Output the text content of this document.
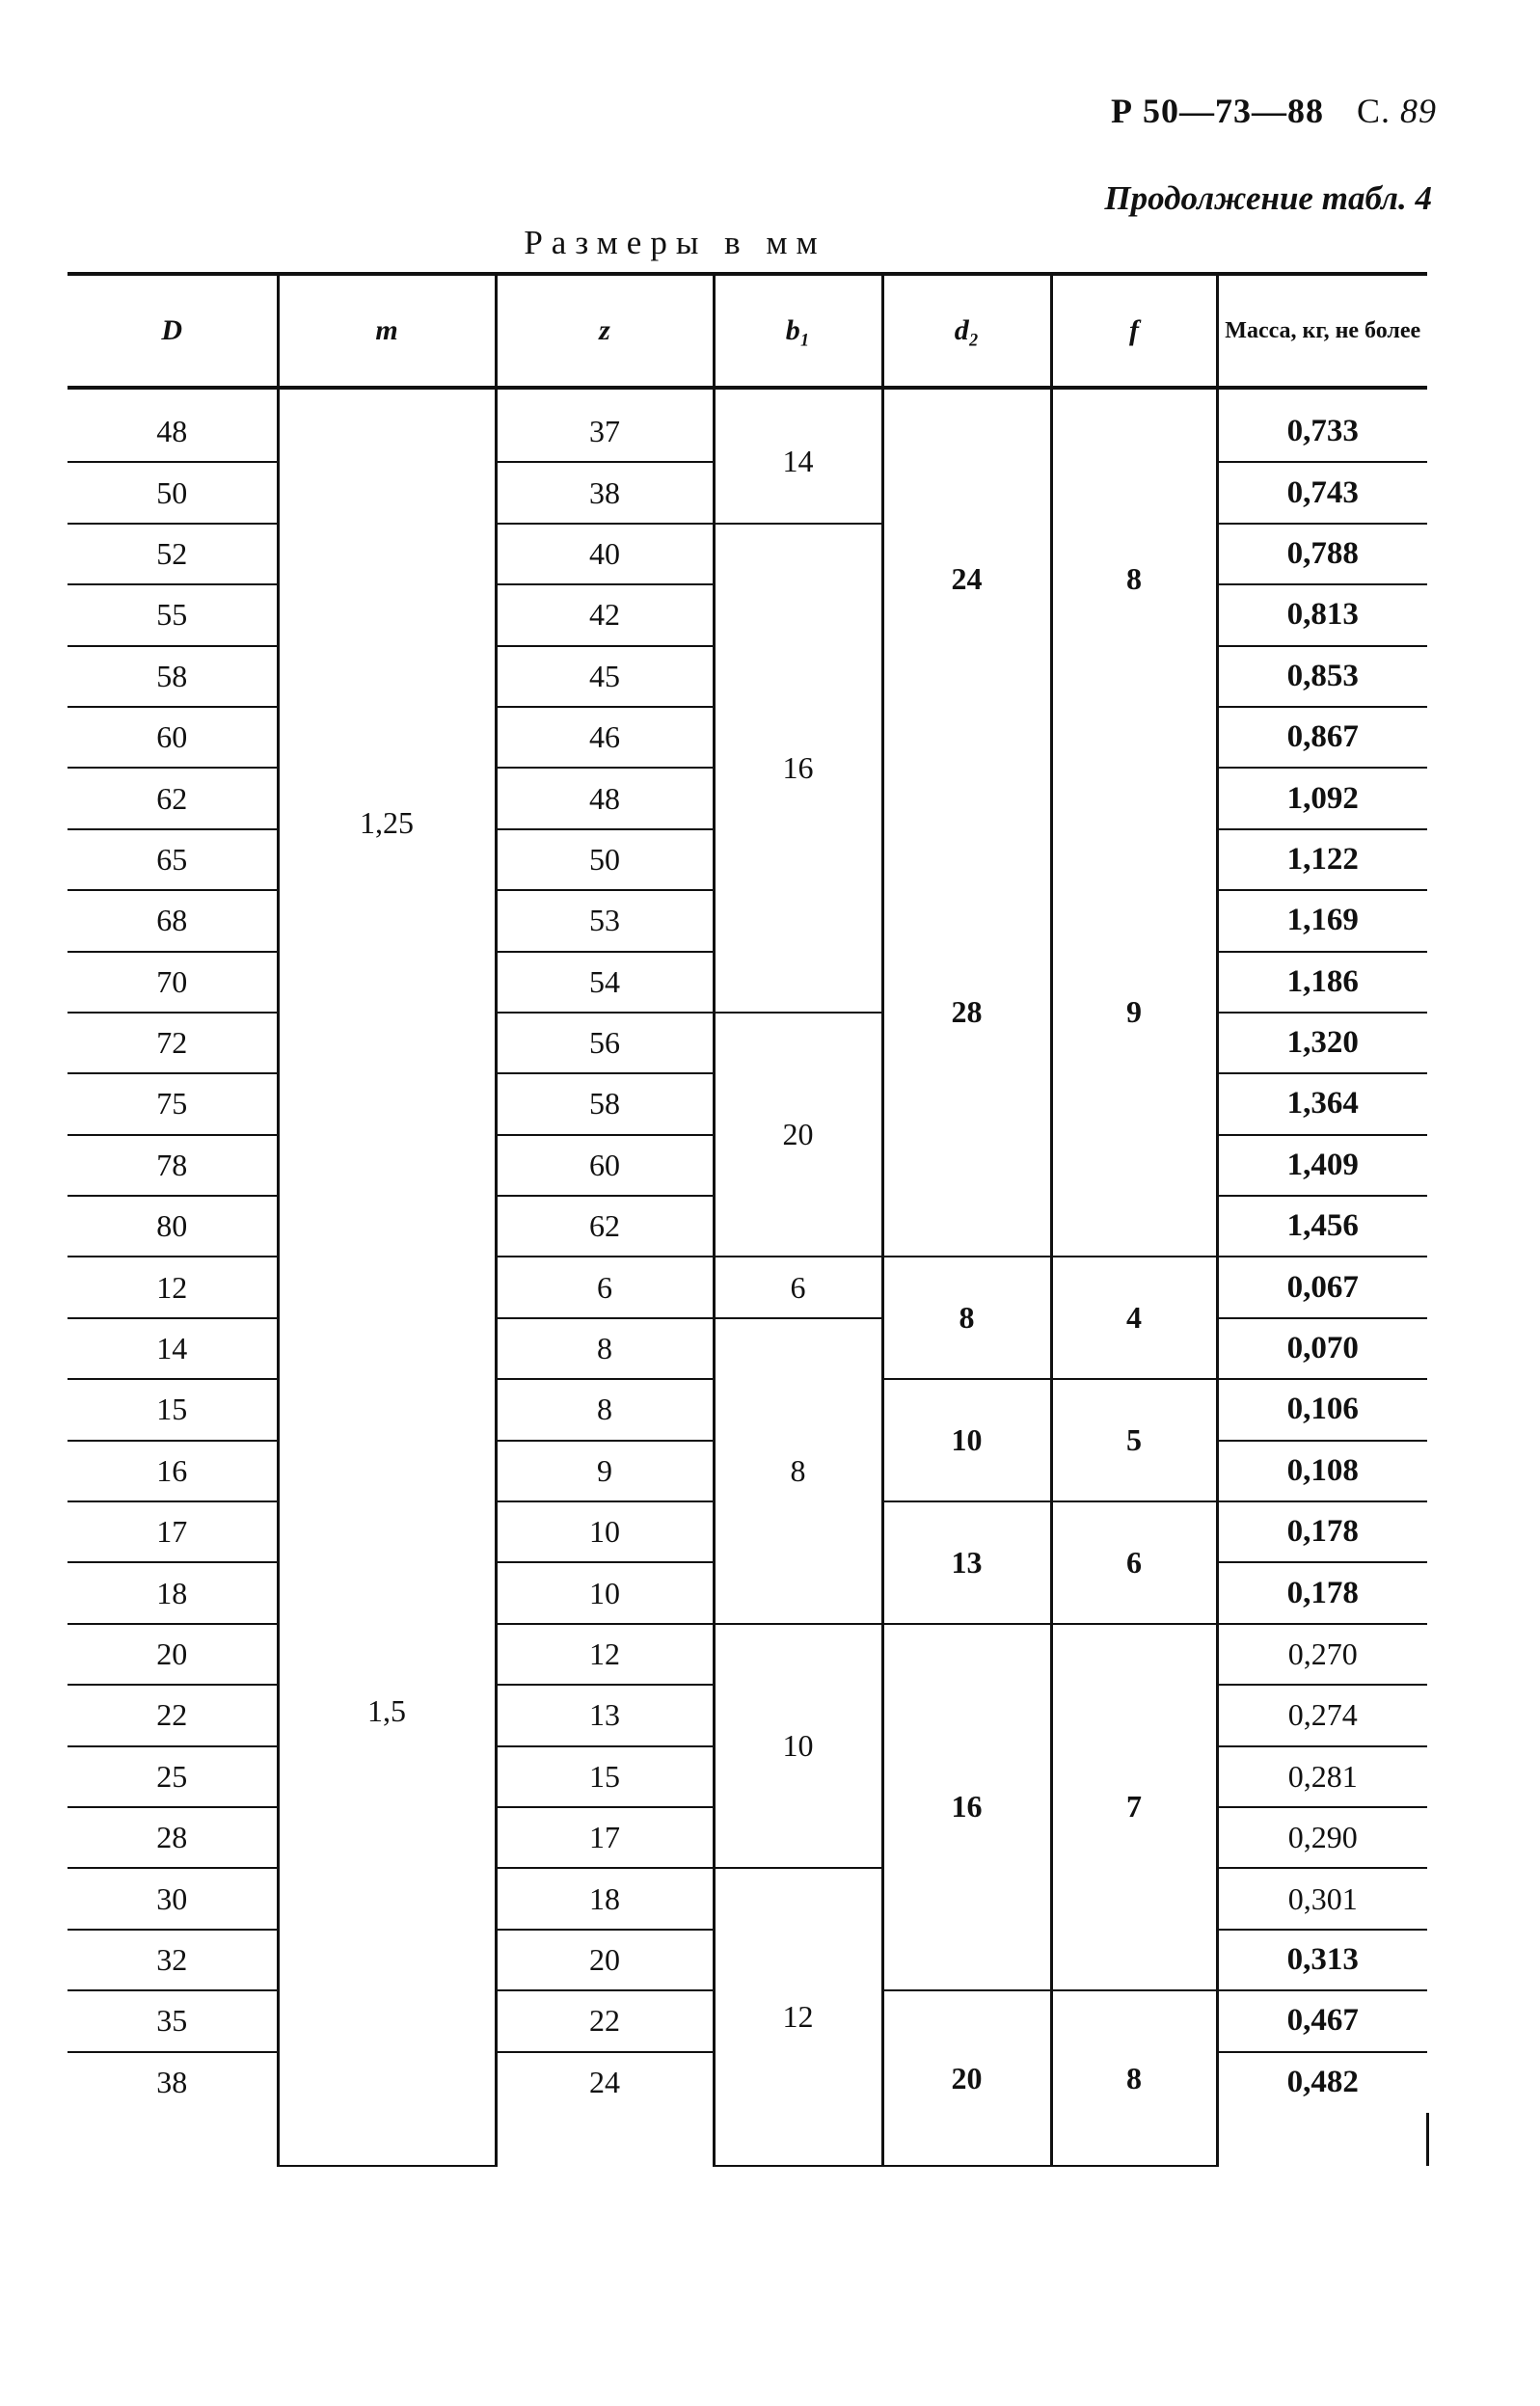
Р 50—73—88 С. 89
Продолжение табл. 4
Размеры в мм
D	m	z	b₁	d₂	f	Масса, кг, не более	
	1,25			24	8		
48		37	14			0,733	
50		38				0,743	
52		40	16			0,788	
55		42				0,813	
58		45				0,853	
60		46				0,867	
62		48		28	9	1,092	
65		50				1,122	
68		53				1,169	
70		54				1,186	
72		56	20			1,320	
75		58				1,364	
78		60				1,409	
80		62				1,456	
12	1,5	6	6	8	4	0,067	
14		8	8			0,070	
15		8		10	5	0,106	
16		9				0,108	
17		10		13	6	0,178	
18		10				0,178	
20		12	10	16	7	0,270	
22		13				0,274	
25		15				0,281	
28		17				0,290	
30		18	12			0,301	
32		20				0,313	
35		22		20	8	0,467	
38		24				0,482	
